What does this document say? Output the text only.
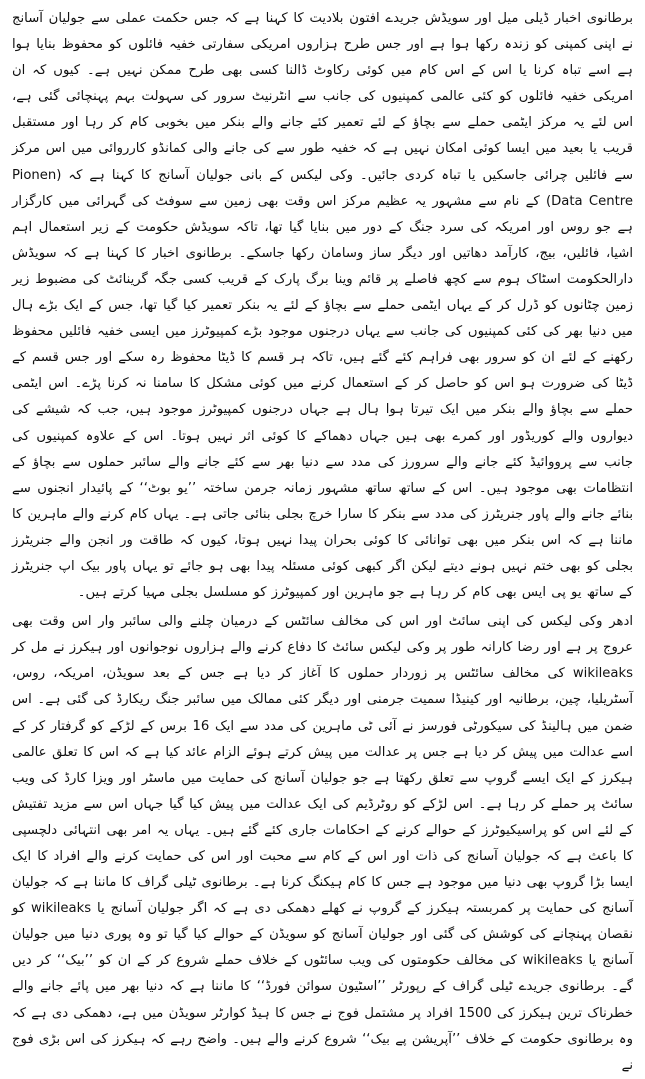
برطانوی اخبار ڈیلی میل اور سویڈش جریدے افتون بلادیت کا کہنا ہے کہ جس حکمت عملی سے جولیان آسانج نے اپنی کمپنی کو زندہ رکھا ہوا ہے اور جس طرح ہزاروں امریکی سفارتی خفیہ فائلوں کو محفوظ بنایا ہوا ہے اسے تباہ کرنا یا اس کے اس کام میں کوئی رکاوٹ ڈالنا کسی بھی طرح ممکن نہیں ہے۔ کیوں کہ ان امریکی خفیہ فائلوں کو کئی عالمی کمپنیوں کی جانب سے انٹرنیٹ سرور کی سہولت بہم پہنچائی گئی ہے، اس لئے یہ مرکز ایٹمی حملے سے بچاؤ کے لئے تعمیر کئے جانے والے بنکر میں بخوبی کام کر رہا اور مستقبل قریب یا بعید میں ایسا کوئی امکان نہیں ہے کہ خفیہ طور سے کی جانے والی کمانڈو کارروائی میں اس مرکز سے فائلیں چرائی جاسکیں یا تباہ کردی جائیں۔ وکی لیکس کے بانی جولیان آسانج کا کہنا ہے کہ (Pionen Data Centre) کے نام سے مشہور یہ عظیم مرکز اس وقت بھی زمین سے سوفٹ کی گہرائی میں کارگزار ہے جو روس اور امریکہ کی سرد جنگ کے دور میں بنایا گیا تھا، تاکہ سویڈش حکومت کے زیر استعمال اہم اشیا، فائلیں، بیج، کارآمد دھاتیں اور دیگر ساز وسامان رکھا جاسکے۔ برطانوی اخبار کا کہنا ہے کہ سویڈش دارالحکومت اسٹاک ہوم سے کچھ فاصلے پر قائم وینا برگ پارک کے قریب کسی جگہ گرینائٹ کی مضبوط زیر زمین چٹانوں کو ڈرل کر کے یہاں ایٹمی حملے سے بچاؤ کے لئے یہ بنکر تعمیر کیا گیا تھا، جس کے ایک بڑے ہال میں دنیا بھر کی کئی کمپنیوں کی جانب سے یہاں درجنوں موجود بڑے کمپیوٹرز میں ایسی خفیہ فائلیں محفوظ رکھنے کے لئے ان کو سرور بھی فراہم کئے گئے ہیں، تاکہ ہر قسم کا ڈیٹا محفوظ رہ سکے اور جس قسم کے ڈیٹا کی ضرورت ہو اس کو حاصل کر کے استعمال کرنے میں کوئی مشکل کا سامنا نہ کرنا پڑے۔ اس ایٹمی حملے سے بچاؤ والے بنکر میں ایک تیرتا ہوا ہال ہے جہاں درجنوں کمپیوٹرز موجود ہیں، جب کہ شیشے کی دیواروں والے کوریڈور اور کمرے بھی ہیں جہاں دھماکے کا کوئی اثر نہیں ہوتا۔ اس کے علاوہ کمپنیوں کی جانب سے پرووائیڈ کئے جانے والے سرورز کی مدد سے دنیا بھر سے کئے جانے والے سائبر حملوں سے بچاؤ کے انتظامات بھی موجود ہیں۔ اس کے ساتھ ساتھ مشہور زمانہ جرمن ساختہ ’’یو بوٹ‘‘ کے پائیدار انجنوں سے بنائے جانے والے پاور جنریٹرز کی مدد سے بنکر کا سارا خرچ بجلی بنائی جاتی ہے۔ یہاں کام کرنے والے ماہرین کا ماننا ہے کہ اس بنکر میں بھی توانائی کا کوئی بحران پیدا نہیں ہوتا، کیوں کہ طاقت ور انجن والے جنریٹرز بجلی کو بھی ختم نہیں ہونے دیتے لیکن اگر کبھی کوئی مسئلہ پیدا بھی ہو جائے تو یہاں پاور بیک اپ جنریٹرز کے ساتھ یو پی ایس بھی کام کر رہا ہے جو ماہرین اور کمپیوٹرز کو مسلسل بجلی مہیا کرتے ہیں۔

ادھر وکی لیکس کی اپنی سائٹ اور اس کی مخالف سائٹس کے درمیان چلنے والی سائبر وار اس وقت بھی عروج پر ہے اور رضا کارانہ طور پر وکی لیکس سائٹ کا دفاع کرنے والے ہزاروں نوجوانوں اور ہیکرز نے مل کر wikileaks کی مخالف سائٹس پر زوردار حملوں کا آغاز کر دیا ہے جس کے بعد سویڈن، امریکہ، روس، آسٹریلیا، چین، برطانیہ اور کینیڈا سمیت جرمنی اور دیگر کئی ممالک میں سائبر جنگ ریکارڈ کی گئی ہے۔ اس ضمن میں ہالینڈ کی سیکورٹی فورسز نے آئی ٹی ماہرین کی مدد سے ایک 16 برس کے لڑکے کو گرفتار کر کے اسے عدالت میں پیش کر دیا ہے جس پر عدالت میں پیش کرتے ہوئے الزام عائد کیا ہے کہ اس کا تعلق عالمی ہیکرز کے ایک ایسے گروپ سے تعلق رکھتا ہے جو جولیان آسانج کی حمایت میں ماسٹر اور ویزا کارڈ کی ویب سائٹ پر حملے کر رہا ہے۔ اس لڑکے کو روٹرڈیم کی ایک عدالت میں پیش کیا گیا جہاں اس سے مزید تفتیش کے لئے اس کو پراسیکیوٹرز کے حوالے کرنے کے احکامات جاری کئے گئے ہیں۔ یہاں یہ امر بھی انتہائی دلچسپی کا باعث ہے کہ جولیان آسانج کی ذات اور اس کے کام سے محبت اور اس کی حمایت کرنے والے افراد کا ایک ایسا بڑا گروپ بھی دنیا میں موجود ہے جس کا کام ہیکنگ کرنا ہے۔ برطانوی ٹیلی گراف کا ماننا ہے کہ جولیان آسانج کی حمایت پر کمربستہ ہیکرز کے گروپ نے کھلے دھمکی دی ہے کہ اگر جولیان آسانج یا wikileaks کو نقصان پہنچانے کی کوشش کی گئی اور جولیان آسانج کو سویڈن کے حوالے کیا گیا تو وہ پوری دنیا میں جولیان آسانج یا wikileaks کی مخالف حکومتوں کی ویب سائٹوں کے خلاف حملے شروع کر کے ان کو ’’بیک‘‘ کر دیں گے۔ برطانوی جریدے ٹیلی گراف کے رپورٹر ’’اسٹیون سوائن فورڈ‘‘ کا ماننا ہے کہ دنیا بھر میں پائے جانے والے خطرناک ترین ہیکرز کی 1500 افراد پر مشتمل فوج نے جس کا ہیڈ کوارٹر سویڈن میں ہے، دھمکی دی ہے کہ وہ برطانوی حکومت کے خلاف ’’آپریشن پے بیک‘‘ شروع کرنے والے ہیں۔ واضح رہے کہ ہیکرز کی اس بڑی فوج نے
